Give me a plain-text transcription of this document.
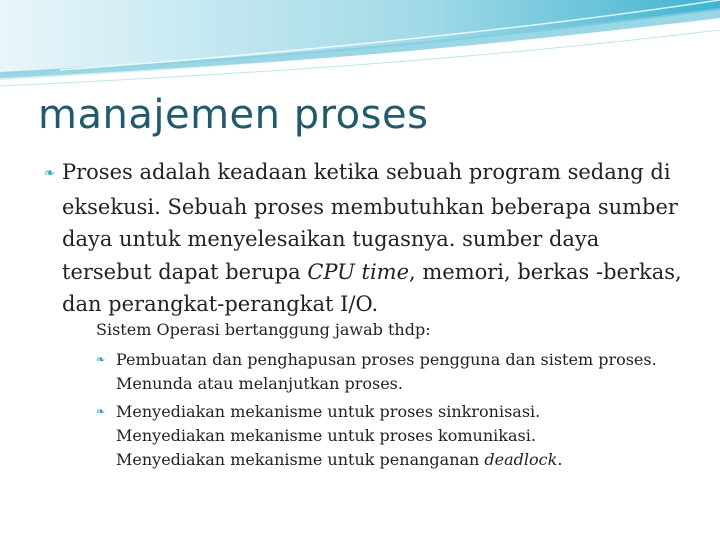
manajemen proses

❧ Proses adalah keadaan ketika sebuah program sedang di eksekusi. Sebuah proses membutuhkan beberapa sumber daya untuk menyelesaikan tugasnya. sumber daya tersebut dapat berupa CPU time, memori, berkas -berkas, dan perangkat-perangkat I/O.

Sistem Operasi bertanggung jawab thdp:

❧ Pembuatan dan penghapusan proses pengguna dan sistem proses. Menunda atau melanjutkan proses.

❧ Menyediakan mekanisme untuk proses sinkronisasi.

Menyediakan mekanisme untuk proses komunikasi.

Menyediakan mekanisme untuk penanganan deadlock.
